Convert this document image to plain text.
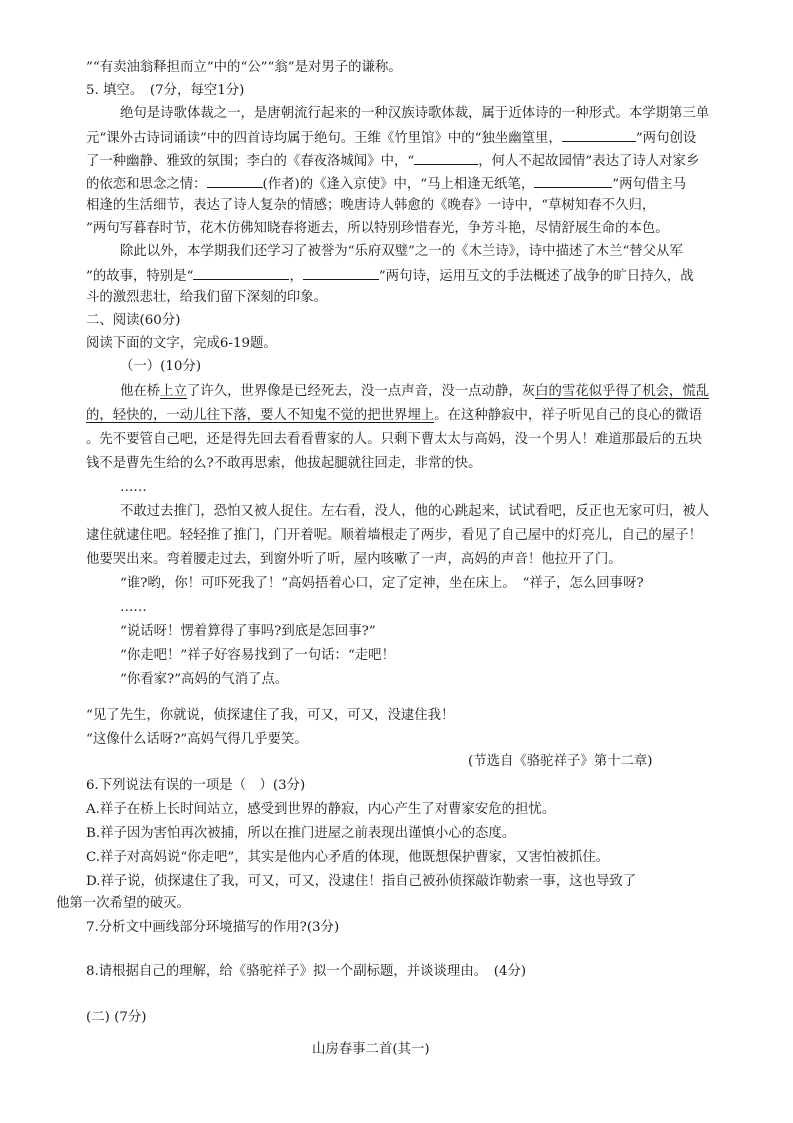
”“有卖油翁释担而立”中的“公”“翁”是对男子的谦称。
5. 填空。　(7分，每空1分)
绝句是诗歌体裁之一，是唐朝流行起来的一种汉族诗歌体裁，属于近体诗的一种形式。本学期第三单
元“课外古诗词诵读”中的四首诗均属于绝句。王维《竹里馆》中的“独坐幽篁里，	”两句创设
了一种幽静、雅致的氛围；李白的《春夜洛城闻》中，“	，何人不起故园情”表达了诗人对家乡
的依恋和思念之情：	(作者)的《逢入京使》中，“马上相逢无纸笔，	”两句借主马
相逢的生活细节，表达了诗人复杂的情感；晚唐诗人韩愈的《晚春》一诗中，“草树知春不久归，
”两句写暮春时节，花木仿佛知晓春将逝去，所以特别珍惜春光，争芳斗艳，尽情舒展生命的本色。
除此以外，本学期我们还学习了被誉为“乐府双璧”之一的《木兰诗》，诗中描述了木兰“替父从军
”的故事，特别是“	，	”两句诗，运用互文的手法概述了战争的旷日持久，战
斗的激烈悲壮，给我们留下深刻的印象。
二、阅读(60分)
阅读下面的文字，完成6-19题。
（一）(10分)
他在桥上立了许久，世界像是已经死去，没一点声音，没一点动静，灰白的雪花似乎得了机会，慌乱
的，轻快的，一动儿往下落，要人不知鬼不觉的把世界埋上。在这种静寂中，祥子听见自己的良心的微语
。先不要管自己吧，还是得先回去看看曹家的人。只剩下曹太太与高妈，没一个男人！难道那最后的五块
钱不是曹先生给的么?不敢再思索，他拔起腿就往回走，非常的快。
……
不敢过去推门，恐怕又被人捉住。左右看，没人，他的心跳起来，试试看吧，反正也无家可归，被人
逮住就逮住吧。轻轻推了推门，门开着呢。顺着墙根走了两步，看见了自己屋中的灯亮儿，自己的屋子！
他要哭出来。弯着腰走过去，到窗外听了听，屋内咳嗽了一声，高妈的声音！他拉开了门。
“谁?哟，你！可吓死我了！”高妈捂着心口，定了定神，坐在床上。　“祥子，怎么回事呀?
……
“说话呀！愣着算得了事吗?到底是怎回事?”
“你走吧！”祥子好容易找到了一句话：“走吧！
“你看家?”高妈的气消了点。
“见了先生，你就说，侦探逮住了我，可又，可又，没逮住我！
“这像什么话呀?”高妈气得几乎要笑。
(节选自《骆驼祥子》第十二章)
6.下列说法有误的一项是（　）(3分)
A.祥子在桥上长时间站立，感受到世界的静寂，内心产生了对曹家安危的担忧。
B.祥子因为害怕再次被捕，所以在推门进屋之前表现出谨慎小心的态度。
C.祥子对高妈说“你走吧”，其实是他内心矛盾的体现，他既想保护曹家，又害怕被抓住。
D.祥子说，侦探逮住了我，可又，可又，没逮住！指自己被孙侦探敲诈勒索一事，这也导致了
他第一次希望的破灭。
7.分析文中画线部分环境描写的作用?(3分)
8.请根据自己的理解，给《骆驼祥子》拟一个副标题，并谈谈理由。　(4分)
(二) (7分)
山房春事二首(其一)
